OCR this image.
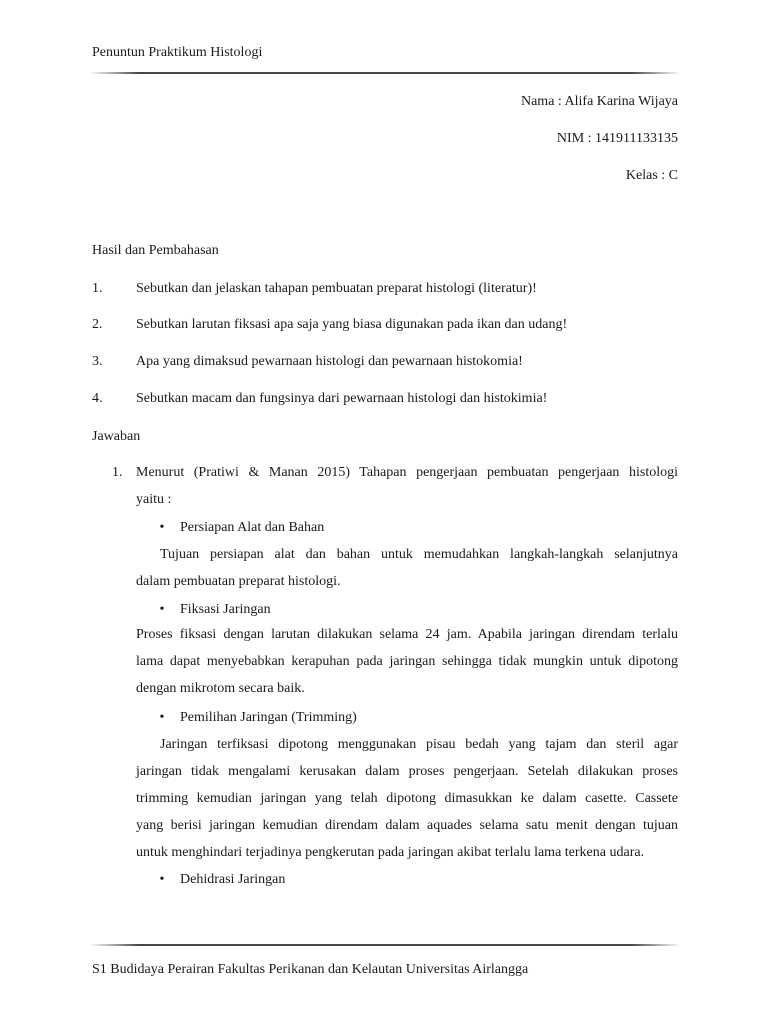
Penuntun Praktikum Histologi
Nama : Alifa Karina Wijaya
NIM : 141911133135
Kelas : C
Hasil dan Pembahasan
1. Sebutkan dan jelaskan tahapan pembuatan preparat histologi (literatur)!
2. Sebutkan larutan fiksasi apa saja yang biasa digunakan pada ikan dan udang!
3. Apa yang dimaksud pewarnaan histologi dan pewarnaan histokomia!
4. Sebutkan macam dan fungsinya dari pewarnaan histologi dan histokimia!
Jawaban
1. Menurut (Pratiwi & Manan 2015) Tahapan pengerjaan pembuatan pengerjaan histologi
yaitu :
•	Persiapan Alat dan Bahan
Tujuan persiapan alat dan bahan untuk memudahkan langkah-langkah selanjutnya
dalam pembuatan preparat histologi.
•	Fiksasi Jaringan
Proses fiksasi dengan larutan dilakukan selama 24 jam. Apabila jaringan direndam terlalu
lama dapat menyebabkan kerapuhan pada jaringan sehingga tidak mungkin untuk dipotong
dengan mikrotom secara baik.
•	Pemilihan Jaringan (Trimming)
Jaringan terfiksasi dipotong menggunakan pisau bedah yang tajam dan steril agar
jaringan tidak mengalami kerusakan dalam proses pengerjaan. Setelah dilakukan proses
trimming kemudian jaringan yang telah dipotong dimasukkan ke dalam casette. Cassete
yang berisi jaringan kemudian direndam dalam aquades selama satu menit dengan tujuan
untuk menghindari terjadinya pengkerutan pada jaringan akibat terlalu lama terkena udara.
•	Dehidrasi Jaringan
S1 Budidaya Perairan Fakultas Perikanan dan Kelautan Universitas Airlangga
